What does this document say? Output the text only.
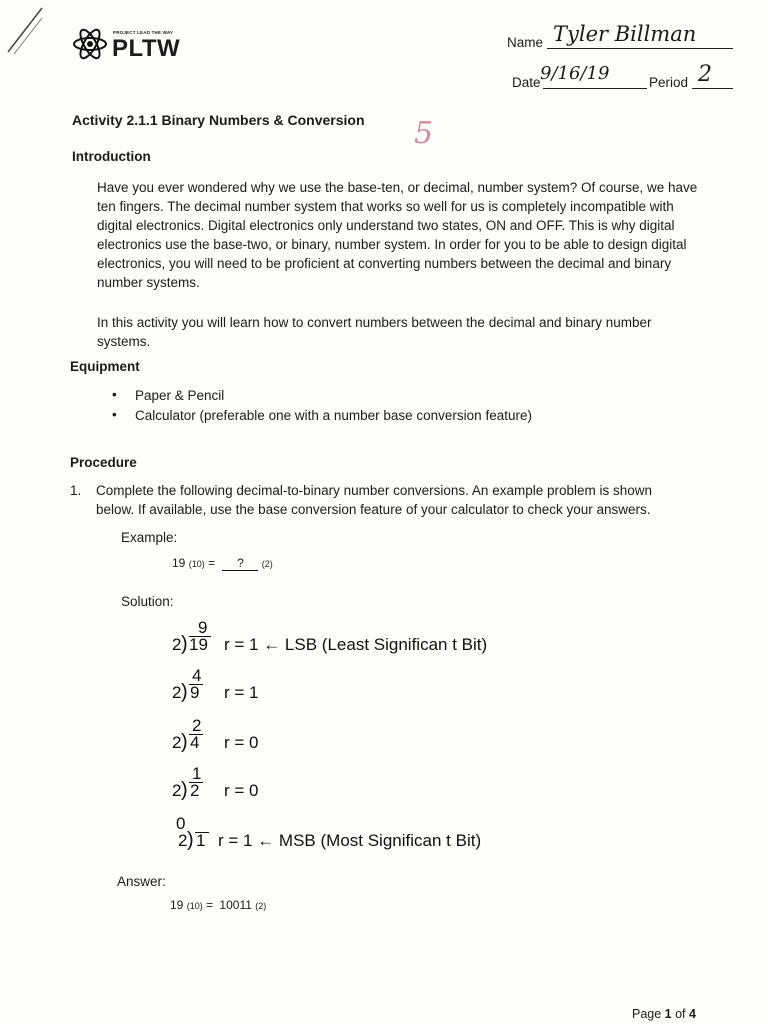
PROJECT LEAD THE WAY
PLTW	Name Tyler Billman
Date 9/16/19	Period 2
5
Activity 2.1.1 Binary Numbers & Conversion
Introduction
Have you ever wondered why we use the base-ten, or decimal, number system? Of course, we have
ten fingers. The decimal number system that works so well for us is completely incompatible with
digital electronics. Digital electronics only understand two states, ON and OFF. This is why digital
electronics use the base-two, or binary, number system. In order for you to be able to design digital
electronics, you will need to be proficient at converting numbers between the decimal and binary
number systems.
In this activity you will learn how to convert numbers between the decimal and binary number
systems.
Equipment
• Paper & Pencil
• Calculator (preferable one with a number base conversion feature)
Procedure
1. Complete the following decimal-to-binary number conversions. An example problem is shown
below. If available, use the base conversion feature of your calculator to check your answers.
Example:
19 (10) = ? (2)
Solution:
9
2 ) 19 r = 1 ← LSB (Least Significan t Bit)
4
2 ) 9 r = 1
2
2 ) 4 r = 0
1
2 ) 2 r = 0
0
2 ) 1 r = 1 ← MSB (Most Significan t Bit)
Answer:
19 (10) = 10011 (2)
Page 1 of 4
